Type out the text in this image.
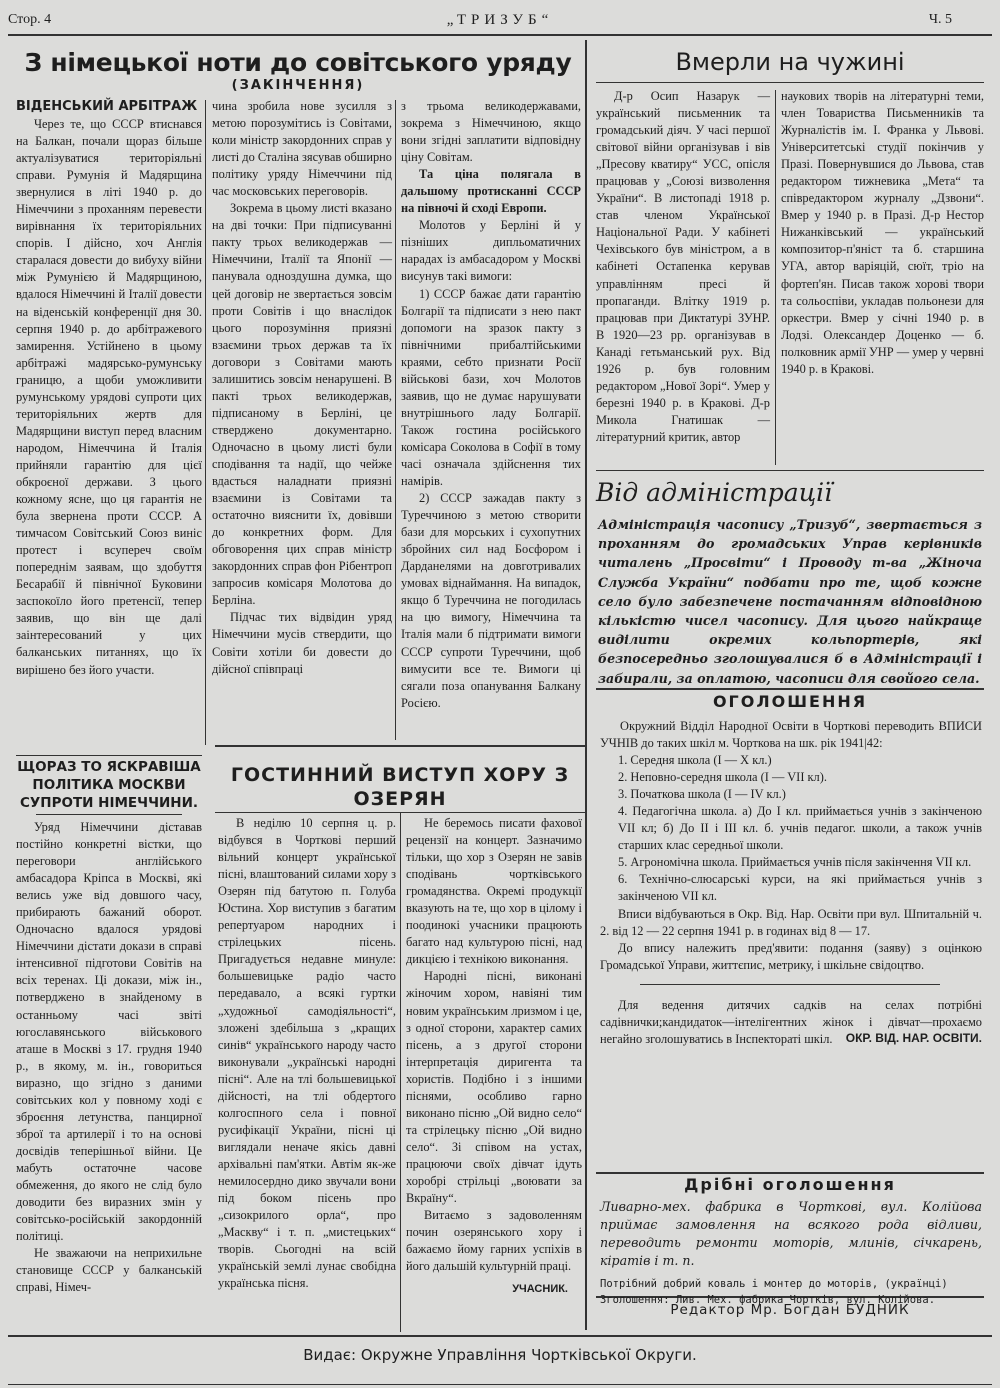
Стор. 4	„ТРИЗУБ“	Ч. 5
З німецької ноти до совітського уряду
(ЗАКІНЧЕННЯ)
ВІДЕНСЬКИЙ АРБІТРАЖ

Через те, що СССР втиснався на Балкан, почали щораз більше актуалізуватися територіяльні справи. Румунія й Мадярщина звернулися в літі 1940 р. до Німеччини з проханням перевести вирівнання їх територіяльних спорів. І дійсно, хоч Англія старалася довести до вибуху війни між Румунією й Мадярщиною, вдалося Німеччині й Італії довести на віденській конференції дня 30. серпня 1940 р. до арбітражевого замирення. Устійнено в цьому арбітражі мадярсько-румунську границю, а щоби уможливити румунському урядові супроти цих територіяльних жертв для Мадярщини виступ перед власним народом, Німеччина й Італія прийняли гарантію для цієї обкроєної держави. З цього кожному ясне, що ця гарантія не була звернена проти СССР. А тимчасом Совітський Союз виніс протест і всупереч своїм попереднім заявам, що здобуття Бесарабії й північної Буковини заспокоїло його претенсії, тепер заявив, що він ще далі заінтересований у цих балканських питаннях, що їх вирішено без його участи.

ЩОРАЗ ТО ЯСКРАВІША ПОЛІТИКА МОСКВИ СУПРОТИ НІМЕЧЧИНИ.

Уряд Німеччини діставав постійно конкретні вістки, що переговори англійського амбасадора Кріпса в Москві, які велись уже від довшого часу, прибирають бажаний оборот. Одночасно вдалося урядові Німеччини дістати докази в справі інтенсивної підготови Совітів на всіх теренах. Ці докази, між ін., потверджено в знайденому в останньому часі звіті югославянського військового аташе в Москві з 17. грудня 1940 р., в якому, м. ін., говориться виразно, що згідно з даними совітських кол у повному ході є зброєння летунства, панцирної зброї та артилерії і то на основі досвідів теперішньої війни. Це мабуть остаточне часове обмеження, до якого не слід було доводити без виразних змін у совітсько-російській закордонній політиці.

Не зважаючи на неприхильне становище СССР у балканській справі, Німеч-

чина зробила нове зусилля з метою порозумітись із Совітами, коли міністр закордонних справ у листі до Сталіна зясував обширно політику уряду Німеччини під час московських переговорів.

Зокрема в цьому листі вказано на дві точки: При підписуванні пакту трьох великодержав — Німеччини, Італії та Японії — панувала одноздушна думка, що цей договір не звертається зовсім проти Совітів і що внаслідок цього порозуміння приязні взаємини трьох держав та їх договори з Совітами мають залишитись зовсім ненарушені. В пакті трьох великодержав, підписаному в Берліні, це стверджено документарно. Одночасно в цьому листі були сподівання та надії, що чейже вдасться наладнати приязні взаємини із Совітами та остаточно вияснити їх, довівши до конкретних форм. Для обговорення цих справ міністр закордонних справ фон Рібентроп запросив комісаря Молотова до Берліна.

Підчас тих відвідин уряд Німеччини мусів ствердити, що Совіти хотіли би довести до дійсної співпраці

з трьома великодержавами, зокрема з Німеччиною, якщо вони згідні заплатити відповідну ціну Совітам.

Та ціна полягала в дальшому протисканні СССР на півночі й сході Европи.

Молотов у Берліні й у пізніших дипльоматичних нарадах із амбасадором у Москві висунув такі вимоги:

1) СССР бажає дати гарантію Болгарії та підписати з нею пакт допомоги на зразок пакту з північними прибалтійськими краями, себто признати Росії військові бази, хоч Молотов заявив, що не думає нарушувати внутрішнього ладу Болгарії. Також гостина російського комісара Соколова в Софії в тому часі означала здійснення тих намірів.

2) СССР зажадав пакту з Туреччиною з метою створити бази для морських і сухопутних збройних сил над Босфором і Дарданелями на довготривалих умовах віднаймання. На випадок, якщо б Туреччина не погодилась на цю вимогу, Німеччина та Італія мали б підтримати вимоги СССР супроти Туреччини, щоб вимусити все те. Вимоги ці сягали поза опанування Балкану Росією.

ГОСТИННИЙ ВИСТУП ХОРУ З ОЗЕРЯН

В неділю 10 серпня ц. р. відбувся в Чорткові перший вільний концерт української пісні, влаштований силами хору з Озерян під батутою п. Голуба Юстина. Хор виступив з багатим репертуаром народних і стрілецьких пісень. Пригадується недавне минуле: большевицьке радіо часто передавало, а всякі гуртки „художньої самодіяльності“, зложені здебільша з „кращих синів“ українського народу часто виконували „українські народні пісні“. Але на тлі большевицької дійсності, на тлі обдертого колгоспного села і повної русифікації України, пісні ці виглядали неначе якісь давні архівальні пам'ятки. Автім як-же немилосердно дико звучали вони під боком пісень про „сизокрилого орла“, про „Маскву“ і т. п. „мистецьких“ творів. Сьогодні на всій українській землі лунає свобідна українська пісня.

Не беремось писати фахової рецензії на концерт. Зазначимо тільки, що хор з Озерян не завів сподівань чортківського громадянства. Окремі продукції вказують на те, що хор в цілому і поодинокі учасники працюють багато над культурою пісні, над дикцією і технікою виконання.

Народні пісні, виконані жіночим хором, навіяні тим новим українським лризмом і це, з одної сторони, характер самих пісень, а з другої сторони інтерпретація диригента та хористів. Подібно і з іншими піснями, особливо гарно виконано пісню „Ой видно село“ та стрілецьку пісню „Ой видно село“. Зі співом на устах, працюючи своїх дівчат ідуть хоробрі стрільці „воювати за Вкраїну“.

Витаємо з задоволенням почин озерянського хору і бажаємо йому гарних успіхів в його дальшій культурній праці.

УЧАСНИК.
Вмерли на чужині

Д-р Осип Назарук — український письменник та громадський діяч. У часі першої світової війни організував і вів „Пресову кватиру“ УСС, опісля працював у „Союзі визволення України“. В листопаді 1918 р. став членом Української Національної Ради. У кабінеті Чехівського був міністром, а в кабінеті Остапенка керував управлінням пресі й пропаганди. Влітку 1919 р. працював при Диктатурі ЗУНР. В 1920—23 рр. організував в Канаді гетьманський рух. Від 1926 р. був головним редактором „Нової Зорі“. Умер у березні 1940 р. в Кракові. Д-р Микола Гнатишак — літературний критик, автор

наукових творів на літературні теми, член Товариства Письменників та Журналістів ім. І. Франка у Львові. Університетські студії покінчив у Празі. Повернувшися до Львова, став редактором тижневика „Мета“ та співредактором журналу „Дзвони“. Вмер у 1940 р. в Празі. Д-р Нестор Нижанківський — український композитор-п'яніст та б. старшина УГА, автор варіяцій, сюїт, тріо на фортеп'ян. Писав також хорові твори та сольоспіви, укладав польонези для оркестри. Вмер у січні 1940 р. в Лодзі. Олександер Доценко — б. полковник армії УНР — умер у червні 1940 р. в Кракові.

Від адміністрації
Адміністрація часопису „Тризуб“, звертається з проханням до громадських Управ керівників читалень „Просвіти“ і Проводу т-ва „Жіноча Служба України“ подбати про те, щоб кожне село було забезпечене постачанням відповідною кількістю чисел часопису. Для цього найкраще виділити окремих кольпортерів, які безпосередньо зголошувалися б в Адміністрації і забирали, за оплатою, часописи для свойого села.
ОГОЛОШЕННЯ

Окружний Відділ Народної Освіти в Чорткові переводить ВПИСИ УЧНІВ до таких шкіл м. Чорткова на шк. рік 1941|42:

1. Середня школа (I — X кл.)
2. Неповно-середня школа (I — VII кл).
3. Початкова школа (I — IV кл.)
4. Педагогічна школа. а) До I кл. приймається учнів з закінченою VII кл; б) До II і III кл. б. учнів педагог. школи, а також учнів старших клас середньої школи.
5. Агрономічна школа. Приймається учнів після закінчення VII кл.
6. Технічно-слюсарські курси, на які приймається учнів з закінченою VII кл.

Вписи відбуваються в Окр. Від. Нар. Освіти при вул. Шпитальній ч. 2. від 12 — 22 серпня 1941 р. в годинах від 8 — 17.

До впису належить пред'явити: подання (заяву) з оцінкою Громадської Управи, життєпис, метрику, і шкільне свідоцтво.

Для ведення дитячих садків на селах потрібні садівнички;кандидаток—інтелігентних жінок і дівчат—прохаємо негайно зголошуватись в Інспектораті шкіл.	ОКР. ВІД. НАР. ОСВІТИ.
Дрібні оголошення
Ливарно-мех. фабрика в Чорткові, вул. Колійова приймає замовлення на всякого рода відливи, переводить ремонти моторів, млинів, січкарень, кіратів і т. п.
Потрібний добрий коваль і монтер до моторів, (українці) Зголошення: Лив. Мех. фабрика Чортків, вул. Колійова.
Редактор Мр. Богдан БУДНИК
Видає: Окружне Управління Чортківської Округи.
